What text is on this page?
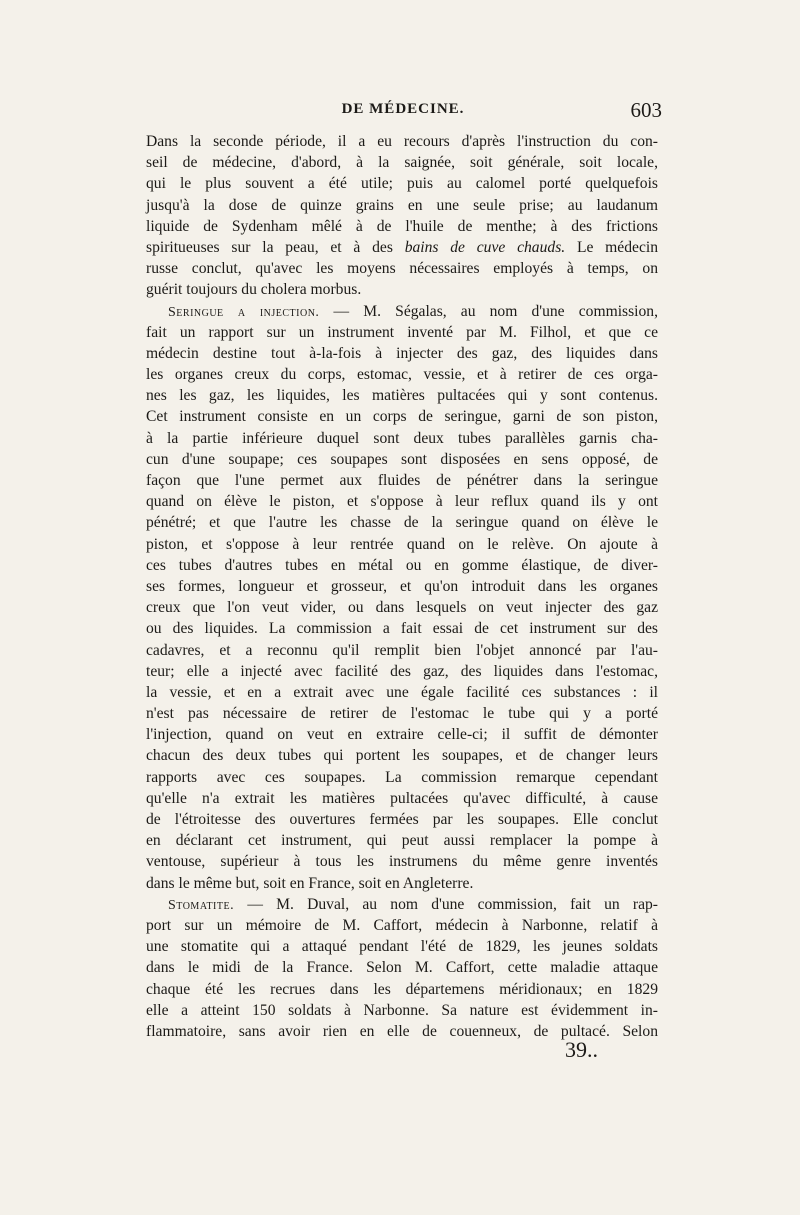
DE MÉDECINE.	603
Dans la seconde période, il a eu recours d'après l'instruction du con-
seil de médecine, d'abord, à la saignée, soit générale, soit locale,
qui le plus souvent a été utile; puis au calomel porté quelquefois
jusqu'à la dose de quinze grains en une seule prise; au laudanum
liquide de Sydenham mêlé à de l'huile de menthe; à des frictions
spiritueuses sur la peau, et à des bains de cuve chauds. Le médecin
russe conclut, qu'avec les moyens nécessaires employés à temps, on
guérit toujours du cholera morbus.
Seringue a injection. — M. Ségalas, au nom d'une commission,
fait un rapport sur un instrument inventé par M. Filhol, et que ce
médecin destine tout à-la-fois à injecter des gaz, des liquides dans
les organes creux du corps, estomac, vessie, et à retirer de ces orga-
nes les gaz, les liquides, les matières pultacées qui y sont contenus.
Cet instrument consiste en un corps de seringue, garni de son piston,
à la partie inférieure duquel sont deux tubes parallèles garnis cha-
cun d'une soupape; ces soupapes sont disposées en sens opposé, de
façon que l'une permet aux fluides de pénétrer dans la seringue
quand on élève le piston, et s'oppose à leur reflux quand ils y ont
pénétré; et que l'autre les chasse de la seringue quand on élève le
piston, et s'oppose à leur rentrée quand on le relève. On ajoute à
ces tubes d'autres tubes en métal ou en gomme élastique, de diver-
ses formes, longueur et grosseur, et qu'on introduit dans les organes
creux que l'on veut vider, ou dans lesquels on veut injecter des gaz
ou des liquides. La commission a fait essai de cet instrument sur des
cadavres, et a reconnu qu'il remplit bien l'objet annoncé par l'au-
teur; elle a injecté avec facilité des gaz, des liquides dans l'estomac,
la vessie, et en a extrait avec une égale facilité ces substances : il
n'est pas nécessaire de retirer de l'estomac le tube qui y a porté
l'injection, quand on veut en extraire celle-ci; il suffit de démonter
chacun des deux tubes qui portent les soupapes, et de changer leurs
rapports avec ces soupapes. La commission remarque cependant
qu'elle n'a extrait les matières pultacées qu'avec difficulté, à cause
de l'étroitesse des ouvertures fermées par les soupapes. Elle conclut
en déclarant cet instrument, qui peut aussi remplacer la pompe à
ventouse, supérieur à tous les instrumens du même genre inventés
dans le même but, soit en France, soit en Angleterre.
Stomatite. — M. Duval, au nom d'une commission, fait un rap-
port sur un mémoire de M. Caffort, médecin à Narbonne, relatif à
une stomatite qui a attaqué pendant l'été de 1829, les jeunes soldats
dans le midi de la France. Selon M. Caffort, cette maladie attaque
chaque été les recrues dans les départemens méridionaux; en 1829
elle a atteint 150 soldats à Narbonne. Sa nature est évidemment in-
flammatoire, sans avoir rien en elle de couenneux, de pultacé. Selon
39..
